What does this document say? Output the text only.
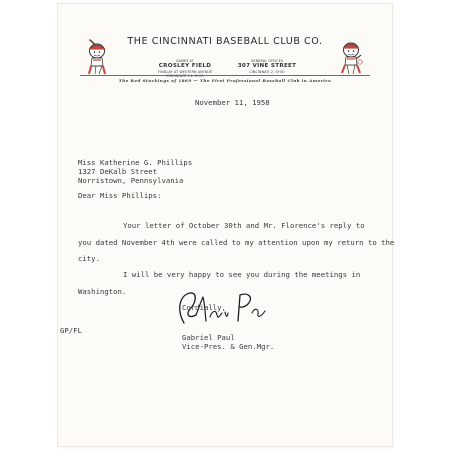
THE CINCINNATI BASEBALL CLUB CO.
GAMES AT
CROSLEY FIELD
FINDLAY AT WESTERN AVENUE
GENERAL OFFICES
307 VINE STREET
CINCINNATI 2, OHIO
The Red Stockings of 1869 — The First Professional Baseball Club in America
November 11, 1958
Miss Katherine G. Phillips
1327 DeKalb Street
Norristown, Pennsylvania
Dear Miss Phillips:
Your letter of October 30th and Mr. Florence's reply to
you dated November 4th were called to my attention upon my return to the
city.
I will be very happy to see you during the meetings in
Washington.
Cordially,
GP/FL
Gabriel Paul
Vice-Pres. & Gen.Mgr.
